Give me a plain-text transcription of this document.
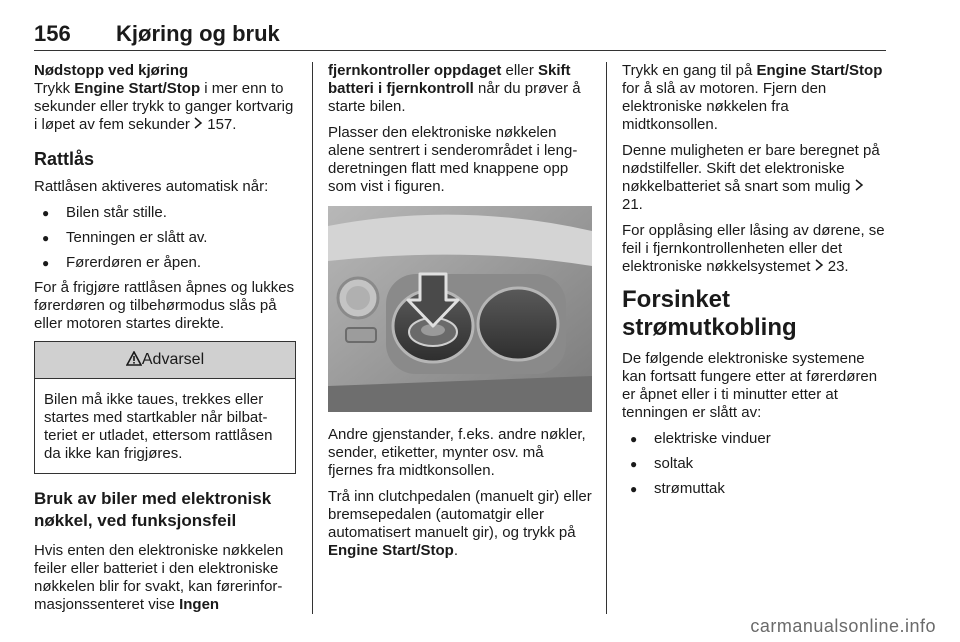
156 Kjøring og bruk

Nødstopp ved kjøring

Trykk Engine Start/Stop i mer enn to sekunder eller trykk to ganger kortvarig i løpet av fem sekunder  157.

Rattlås

Rattlåsen aktiveres automatisk når:

● Bilen står stille.
● Tenningen er slått av.
● Førerdøren er åpen.

For å frigjøre rattlåsen åpnes og lukkes førerdøren og tilbehørmodus slås på eller motoren startes direkte.

Advarsel
Bilen må ikke taues, trekkes eller startes med startkabler når bilbatteriet er utladet, ettersom rattlåsen da ikke kan frigjøres.
Bruk av biler med elektronisk nøkkel, ved funksjonsfeil

Hvis enten den elektroniske nøkkelen feiler eller batteriet i den elektroniske nøkkelen blir for svakt, kan førerinformasjonssenteret vise Ingen

fjernkontroller oppdaget eller Skift batteri i fjernkontroll når du prøver å starte bilen.

Plasser den elektroniske nøkkelen alene sentrert i senderområdet i lengderetningen flatt med knappene opp som vist i figuren.

Andre gjenstander, f.eks. andre nøkler, sender, etiketter, mynter osv. må fjernes fra midtkonsollen.

Trå inn clutchpedalen (manuelt gir) eller bremsepedalen (automatgir eller automatisert manuelt gir), og trykk på Engine Start/Stop.

Trykk en gang til på Engine Start/Stop for å slå av motoren. Fjern den elektroniske nøkkelen fra midtkonsollen.

Denne muligheten er bare beregnet på nødstilfeller. Skift det elektroniske nøkkelbatteriet så snart som mulig  21.

For opplåsing eller låsing av dørene, se feil i fjernkontrollenheten eller det elektroniske nøkkelsystemet  23.

Forsinket strømutkobling

De følgende elektroniske systemene kan fortsatt fungere etter at førerdøren er åpnet eller i ti minutter etter at tenningen er slått av:

● elektriske vinduer
● soltak
● strømuttak
carmanualsonline.info
